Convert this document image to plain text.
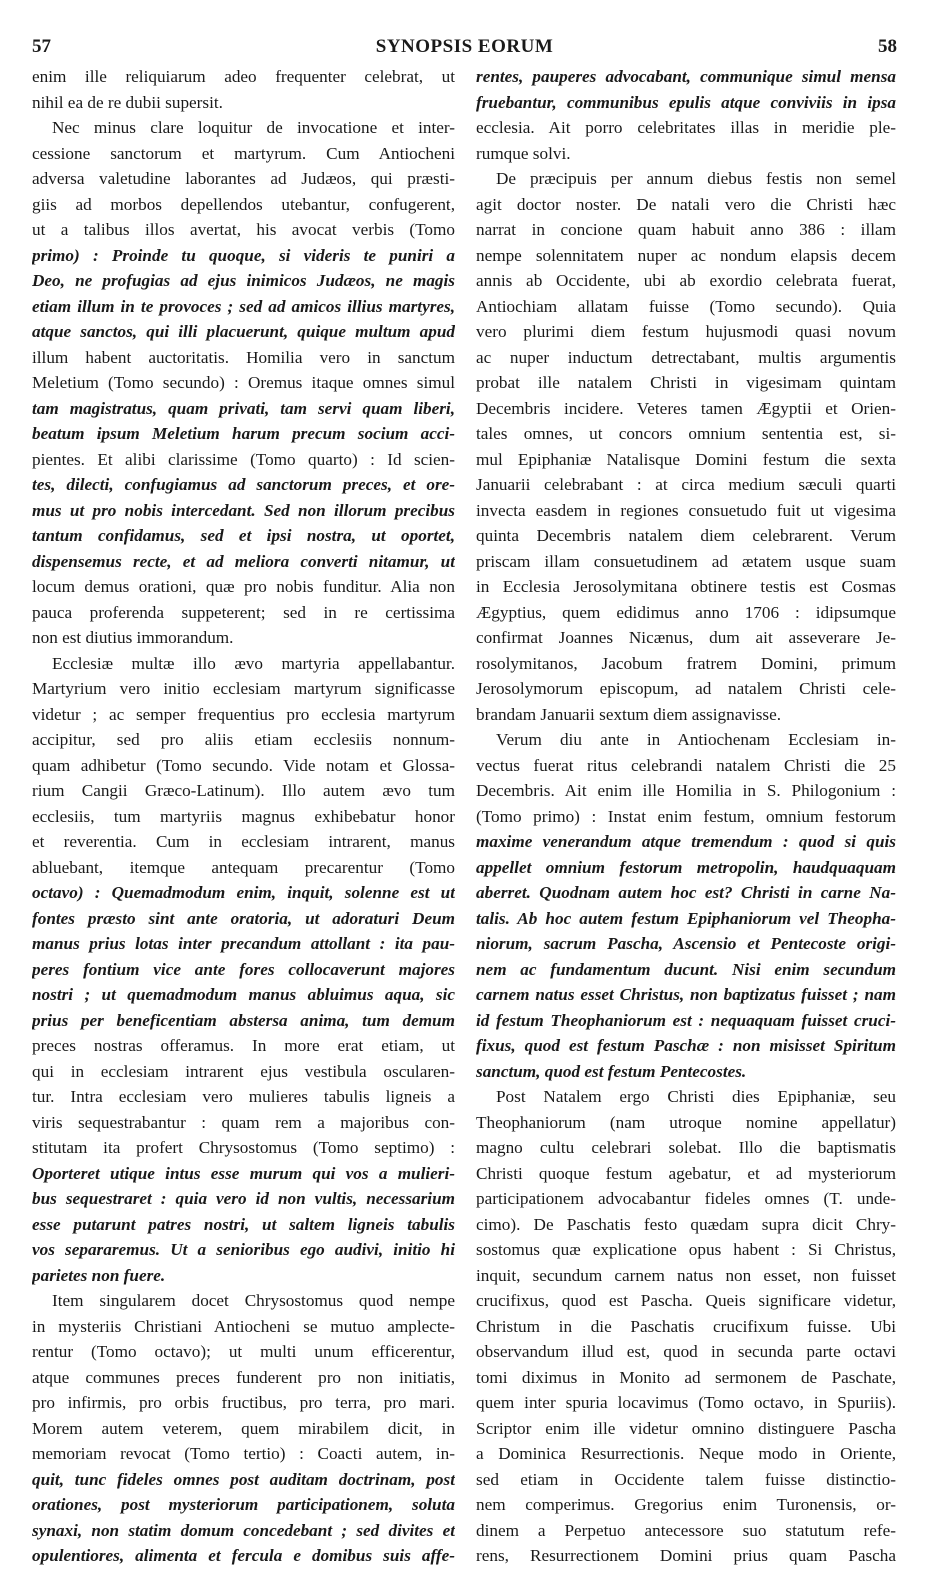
57	SYNOPSIS EORUM	58
enim ille reliquiarum adeo frequenter celebrat, ut
nihil ea de re dubii supersit.
Nec minus clare loquitur de invocatione et inter-
cessione sanctorum et martyrum. Cum Antiocheni
adversa valetudine laborantes ad Judæos, qui præsti-
giis ad morbos depellendos utebantur, confugerent,
ut a talibus illos avertat, his avocat verbis (Tomo
primo) : Proinde tu quoque, si videris te puniri a
Deo, ne profugias ad ejus inimicos Judæos, ne magis
etiam illum in te provoces ; sed ad amicos illius martyres,
atque sanctos, qui illi placuerunt, quique multum apud
illum habent auctoritatis. Homilia vero in sanctum
Meletium (Tomo secundo) : Oremus itaque omnes simul
tam magistratus, quam privati, tam servi quam liberi,
beatum ipsum Meletium harum precum socium acci-
pientes. Et alibi clarissime (Tomo quarto) : Id scien-
tes, dilecti, confugiamus ad sanctorum preces, et ore-
mus ut pro nobis intercedant. Sed non illorum precibus
tantum confidamus, sed et ipsi nostra, ut oportet,
dispensemus recte, et ad meliora converti nitamur, ut
locum demus orationi, quæ pro nobis funditur. Alia non
pauca proferenda suppeterent; sed in re certissima
non est diutius immorandum.
Ecclesiæ multæ illo ævo martyria appellabantur.
Martyrium vero initio ecclesiam martyrum significasse
videtur ; ac semper frequentius pro ecclesia martyrum
accipitur, sed pro aliis etiam ecclesiis nonnum-
quam adhibetur (Tomo secundo. Vide notam et Glossa-
rium Cangii Græco-Latinum). Illo autem ævo tum
ecclesiis, tum martyriis magnus exhibebatur honor
et reverentia. Cum in ecclesiam intrarent, manus
abluebant, itemque antequam precarentur (Tomo
octavo) : Quemadmodum enim, inquit, solenne est ut
fontes præsto sint ante oratoria, ut adoraturi Deum
manus prius lotas inter precandum attollant : ita pau-
peres fontium vice ante fores collocaverunt majores
nostri ; ut quemadmodum manus abluimus aqua, sic
prius per beneficentiam abstersa anima, tum demum
preces nostras offeramus. In more erat etiam, ut
qui in ecclesiam intrarent ejus vestibula oscularen-
tur. Intra ecclesiam vero mulieres tabulis ligneis a
viris sequestrabantur : quam rem a majoribus con-
stitutam ita profert Chrysostomus (Tomo septimo) :
Oporteret utique intus esse murum qui vos a mulieri-
bus sequestraret : quia vero id non vultis, necessarium
esse putarunt patres nostri, ut saltem ligneis tabulis
vos separaremus. Ut a senioribus ego audivi, initio hi
parietes non fuere.
Item singularem docet Chrysostomus quod nempe
in mysteriis Christiani Antiocheni se mutuo amplecte-
rentur (Tomo octavo); ut multi unum efficerentur,
atque communes preces funderent pro non initiatis,
pro infirmis, pro orbis fructibus, pro terra, pro mari.
Morem autem veterem, quem mirabilem dicit, in
memoriam revocat (Tomo tertio) : Coacti autem, in-
quit, tunc fideles omnes post auditam doctrinam, post
orationes, post mysteriorum participationem, soluta
synaxi, non statim domum concedebant ; sed divites et
opulentiores, alimenta et fercula e domibus suis affe-
rentes, pauperes advocabant, communique simul mensa
fruebantur, communibus epulis atque conviviis in ipsa
ecclesia. Ait porro celebritates illas in meridie ple-
rumque solvi.
De præcipuis per annum diebus festis non semel
agit doctor noster. De natali vero die Christi hæc
narrat in concione quam habuit anno 386 : illam
nempe solennitatem nuper ac nondum elapsis decem
annis ab Occidente, ubi ab exordio celebrata fuerat,
Antiochiam allatam fuisse (Tomo secundo). Quia
vero plurimi diem festum hujusmodi quasi novum
ac nuper inductum detrectabant, multis argumentis
probat ille natalem Christi in vigesimam quintam
Decembris incidere. Veteres tamen Ægyptii et Orien-
tales omnes, ut concors omnium sententia est, si-
mul Epiphaniæ Natalisque Domini festum die sexta
Januarii celebrabant : at circa medium sæculi quarti
invecta easdem in regiones consuetudo fuit ut vigesima
quinta Decembris natalem diem celebrarent. Verum
priscam illam consuetudinem ad ætatem usque suam
in Ecclesia Jerosolymitana obtinere testis est Cosmas
Ægyptius, quem edidimus anno 1706 : idipsumque
confirmat Joannes Nicænus, dum ait asseverare Je-
rosolymitanos, Jacobum fratrem Domini, primum
Jerosolymorum episcopum, ad natalem Christi cele-
brandam Januarii sextum diem assignavisse.
Verum diu ante in Antiochenam Ecclesiam in-
vectus fuerat ritus celebrandi natalem Christi die 25
Decembris. Ait enim ille Homilia in S. Philogonium :
(Tomo primo) : Instat enim festum, omnium festorum
maxime venerandum atque tremendum : quod si quis
appellet omnium festorum metropolin, haudquaquam
aberret. Quodnam autem hoc est? Christi in carne Na-
talis. Ab hoc autem festum Epiphaniorum vel Theopha-
niorum, sacrum Pascha, Ascensio et Pentecoste origi-
nem ac fundamentum ducunt. Nisi enim secundum
carnem natus esset Christus, non baptizatus fuisset ; nam
id festum Theophaniorum est : nequaquam fuisset cruci-
fixus, quod est festum Paschæ : non misisset Spiritum
sanctum, quod est festum Pentecostes.
Post Natalem ergo Christi dies Epiphaniæ, seu
Theophaniorum (nam utroque nomine appellatur)
magno cultu celebrari solebat. Illo die baptismatis
Christi quoque festum agebatur, et ad mysteriorum
participationem advocabantur fideles omnes (T. unde-
cimo). De Paschatis festo quædam supra dicit Chry-
sostomus quæ explicatione opus habent : Si Christus,
inquit, secundum carnem natus non esset, non fuisset
crucifixus, quod est Pascha. Queis significare videtur,
Christum in die Paschatis crucifixum fuisse. Ubi
observandum illud est, quod in secunda parte octavi
tomi diximus in Monito ad sermonem de Paschate,
quem inter spuria locavimus (Tomo octavo, in Spuriis).
Scriptor enim ille videtur omnino distinguere Pascha
a Dominica Resurrectionis. Neque modo in Oriente,
sed etiam in Occidente talem fuisse distinctio-
nem comperimus. Gregorius enim Turonensis, or-
dinem a Perpetuo antecessore suo statutum refe-
rens, Resurrectionem Domini prius quam Pascha
